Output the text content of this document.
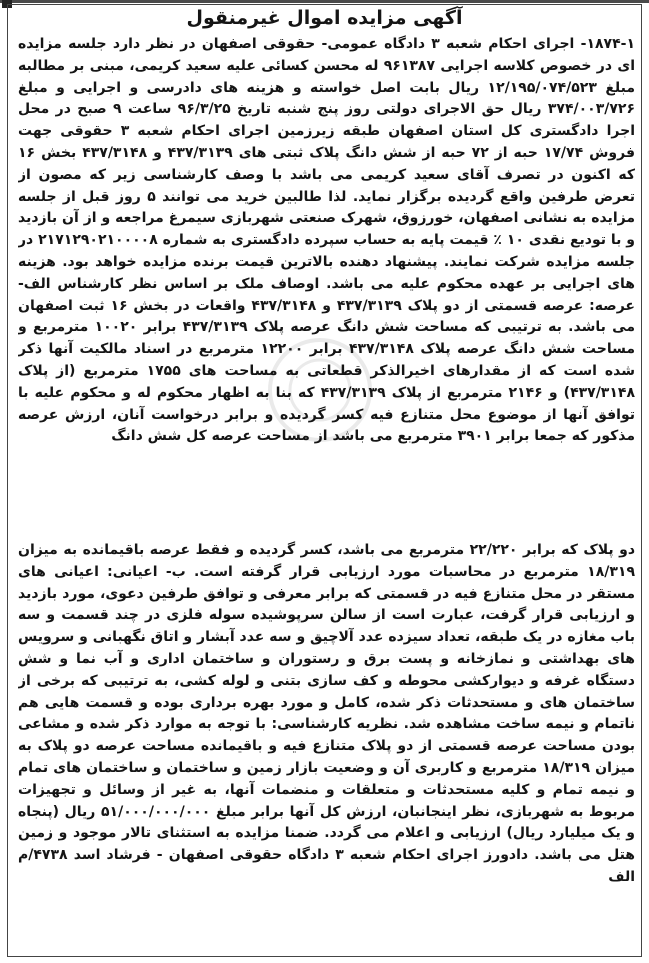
آگهی مزایده اموال غیرمنقول
۱۸۷۴-۱- اجرای احکام شعبه ۳ دادگاه عمومی- حقوقی اصفهان در نظر دارد جلسه مزایده ای در خصوص کلاسه اجرایی ۹۶۱۳۸۷ له محسن کسائی علیه سعید کریمی، مبنی بر مطالبه مبلغ ۱۲/۱۹۵/۰۷۴/۵۲۳ ریال بابت اصل خواسته و هزینه های دادرسی و اجرایی و مبلغ ۳۷۴/۰۰۳/۷۲۶ ریال حق الاجرای دولتی روز پنج شنبه تاریخ ۹۶/۳/۲۵ ساعت ۹ صبح در محل اجرا دادگستری کل استان اصفهان طبقه زیرزمین اجرای احکام شعبه ۳ حقوقی جهت فروش ۱۷/۷۴ حبه از ۷۲ حبه از شش دانگ پلاک ثبتی های ۴۳۷/۳۱۳۹ و ۴۳۷/۳۱۴۸ بخش ۱۶ که اکنون در تصرف آقای سعید کریمی می باشد با وصف کارشناسی زیر که مصون از تعرض طرفین واقع گردیده برگزار نماید. لذا طالبین خرید می توانند ۵ روز قبل از جلسه مزایده به نشانی اصفهان، خورزوق، شهرک صنعتی شهربازی سیمرغ مراجعه و از آن بازدید و با تودیع نقدی ۱۰ ٪ قیمت پایه به حساب سپرده دادگستری به شماره ۲۱۷۱۲۹۰۲۱۰۰۰۰۸ در جلسه مزایده شرکت نمایند. پیشنهاد دهنده بالاترین قیمت برنده مزایده خواهد بود. هزینه های اجرایی بر عهده محکوم علیه می باشد. اوصاف ملک بر اساس نظر کارشناس الف- عرصه: عرصه قسمتی از دو پلاک ۴۳۷/۳۱۳۹ و ۴۳۷/۳۱۴۸ واقعات در بخش ۱۶ ثبت اصفهان می باشد. به ترتیبی که مساحت شش دانگ عرصه پلاک ۴۳۷/۳۱۳۹ برابر ۱۰۰۲۰ مترمربع و مساحت شش دانگ عرصه پلاک ۴۳۷/۳۱۴۸ برابر ۱۲۲۰۰ مترمربع در اسناد مالکیت آنها ذکر شده است که از مقدارهای اخیرالذکر قطعاتی به مساحت های ۱۷۵۵ مترمربع (از پلاک ۴۳۷/۳۱۴۸) و ۲۱۴۶ مترمربع از پلاک ۴۳۷/۳۱۳۹ که بنا به اظهار محکوم له و محکوم علیه با توافق آنها از موضوع محل متنازع فیه کسر گردیده و برابر درخواست آنان، ارزش عرصه مذکور که جمعا برابر ۳۹۰۱ مترمربع می باشد از مساحت عرصه کل شش دانگ
دو پلاک که برابر ۲۲/۲۲۰ مترمربع می باشد، کسر گردیده و فقط عرصه باقیمانده به میزان ۱۸/۳۱۹ مترمربع در محاسبات مورد ارزیابی قرار گرفته است. ب- اعیانی: اعیانی های مستقر در محل متنازع فیه در قسمتی که برابر معرفی و توافق طرفین دعوی، مورد بازدید و ارزیابی قرار گرفت، عبارت است از سالن سرپوشیده سوله فلزی در چند قسمت و سه باب مغازه در یک طبقه، تعداد سیزده عدد آلاچیق و سه عدد آبشار و اتاق نگهبانی و سرویس های بهداشتی و نمازخانه و پست برق و رستوران و ساختمان اداری و آب نما و شش دستگاه غرفه و دیوارکشی محوطه و کف سازی بتنی و لوله کشی، به ترتیبی که برخی از ساختمان های و مستحدثات ذکر شده، کامل و مورد بهره برداری بوده و قسمت هایی هم ناتمام و نیمه ساخت مشاهده شد. نظریه کارشناسی: با توجه به موارد ذکر شده و مشاعی بودن مساحت عرصه قسمتی از دو پلاک متنازع فیه و باقیمانده مساحت عرصه دو پلاک به میزان ۱۸/۳۱۹ مترمربع و کاربری آن و وضعیت بازار زمین و ساختمان و ساختمان های تمام و نیمه تمام و کلیه مستحدثات و متعلقات و منضمات آنها، به غیر از وسائل و تجهیزات مربوط به شهربازی، نظر اینجانبان، ارزش کل آنها برابر مبلغ ۵۱/۰۰۰/۰۰۰/۰۰۰ ریال (پنجاه و یک میلیارد ریال) ارزیابی و اعلام می گردد. ضمنا مزایده به استثنای تالار موجود و زمین هتل می باشد. دادورز اجرای احکام شعبه ۳ دادگاه حقوقی اصفهان - فرشاد اسد ۴۷۳۸/م الف
